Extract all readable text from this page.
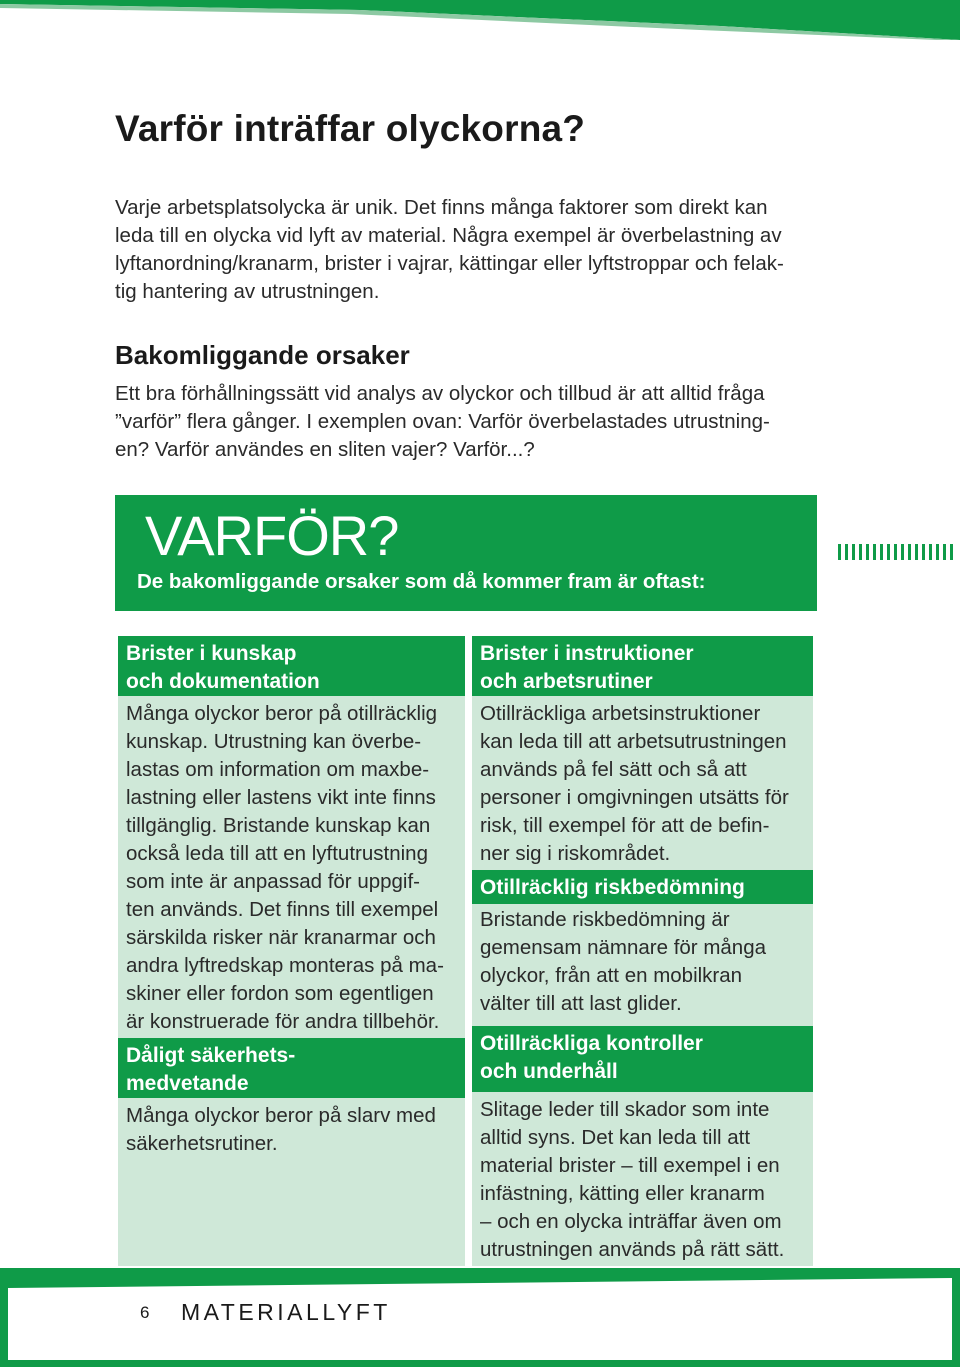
Varför inträffar olyckorna?

Varje arbetsplatsolycka är unik. Det finns många faktorer som direkt kan
leda till en olycka vid lyft av material. Några exempel är överbelastning av
lyftanordning/kranarm, brister i vajrar, kättingar eller lyftstroppar och felak-
tig hantering av utrustningen.

Bakomliggande orsaker

Ett bra förhållningssätt vid analys av olyckor och tillbud är att alltid fråga
”varför” flera gånger. I exemplen ovan: Varför överbelastades utrustning-
en? Varför användes en sliten vajer? Varför...?

VARFÖR?

De bakomliggande orsaker som då kommer fram är oftast:

Brister i kunskap
och dokumentation

Många olyckor beror på otillräcklig
kunskap. Utrustning kan överbe-
lastas om information om maxbe-
lastning eller lastens vikt inte finns
tillgänglig. Bristande kunskap kan
också leda till att en lyftutrustning
som inte är anpassad för uppgif-
ten används. Det finns till exempel
särskilda risker när kranarmar och
andra lyftredskap monteras på ma-
skiner eller fordon som egentligen
är konstruerade för andra tillbehör.

Dåligt säkerhets-
medvetande

Många olyckor beror på slarv med
säkerhetsrutiner.

Brister i instruktioner
och arbetsrutiner

Otillräckliga arbetsinstruktioner
kan leda till att arbetsutrustningen
används på fel sätt och så att
personer i omgivningen utsätts för
risk, till exempel för att de befin-
ner sig i riskområdet.

Otillräcklig riskbedömning

Bristande riskbedömning är
gemensam nämnare för många
olyckor, från att en mobilkran
välter till att last glider.

Otillräckliga kontroller
och underhåll

Slitage leder till skador som inte
alltid syns. Det kan leda till att
material brister – till exempel i en
infästning, kätting eller kranarm
– och en olycka inträffar även om
utrustningen används på rätt sätt.

6 MATERIALLYFT
